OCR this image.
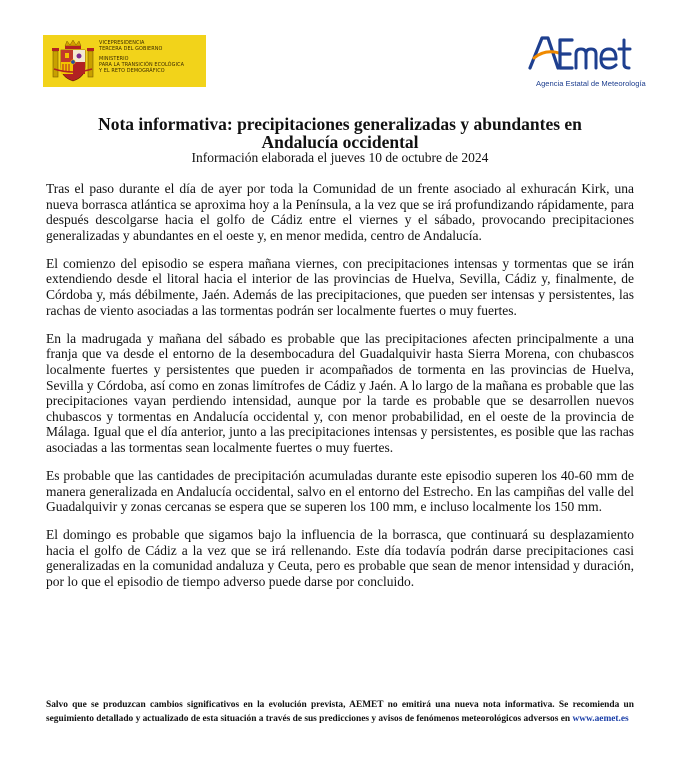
VICEPRESIDENCIA
TERCERA DEL GOBIERNO
MINISTERIO
PARA LA TRANSICIÓN ECOLÓGICA
Y EL RETO DEMOGRÁFICO
Agencia Estatal de Meteorología
Nota informativa: precipitaciones generalizadas y abundantes en Andalucía occidental
Información elaborada el jueves 10 de octubre de 2024

Tras el paso durante el día de ayer por toda la Comunidad de un frente asociado al exhuracán Kirk, una nueva borrasca atlántica se aproxima hoy a la Península, a la vez que se irá profundizando rápidamente, para después descolgarse hacia el golfo de Cádiz entre el viernes y el sábado, provocando precipitaciones generalizadas y abundantes en el oeste y, en menor medida, centro de Andalucía.

El comienzo del episodio se espera mañana viernes, con precipitaciones intensas y tormentas que se irán extendiendo desde el litoral hacia el interior de las provincias de Huelva, Sevilla, Cádiz y, finalmente, de Córdoba y, más débilmente, Jaén. Además de las precipitaciones, que pueden ser intensas y persistentes, las rachas de viento asociadas a las tormentas podrán ser localmente fuertes o muy fuertes.

En la madrugada y mañana del sábado es probable que las precipitaciones afecten principalmente a una franja que va desde el entorno de la desembocadura del Guadalquivir hasta Sierra Morena, con chubascos localmente fuertes y persistentes que pueden ir acompañados de tormenta en las provincias de Huelva, Sevilla y Córdoba, así como en zonas limítrofes de Cádiz y Jaén. A lo largo de la mañana es probable que las precipitaciones vayan perdiendo intensidad, aunque por la tarde es probable que se desarrollen nuevos chubascos y tormentas en Andalucía occidental y, con menor probabilidad, en el oeste de la provincia de Málaga. Igual que el día anterior, junto a las precipitaciones intensas y persistentes, es posible que las rachas asociadas a las tormentas sean localmente fuertes o muy fuertes.

Es probable que las cantidades de precipitación acumuladas durante este episodio superen los 40-60 mm de manera generalizada en Andalucía occidental, salvo en el entorno del Estrecho. En las campiñas del valle del Guadalquivir y zonas cercanas se espera que se superen los 100 mm, e incluso localmente los 150 mm.

El domingo es probable que sigamos bajo la influencia de la borrasca, que continuará su desplazamiento hacia el golfo de Cádiz a la vez que se irá rellenando. Este día todavía podrán darse precipitaciones casi generalizadas en la comunidad andaluza y Ceuta, pero es probable que sean de menor intensidad y duración, por lo que el episodio de tiempo adverso puede darse por concluido.

Salvo que se produzcan cambios significativos en la evolución prevista, AEMET no emitirá una nueva nota informativa. Se recomienda un seguimiento detallado y actualizado de esta situación a través de sus predicciones y avisos de fenómenos meteorológicos adversos en www.aemet.es
